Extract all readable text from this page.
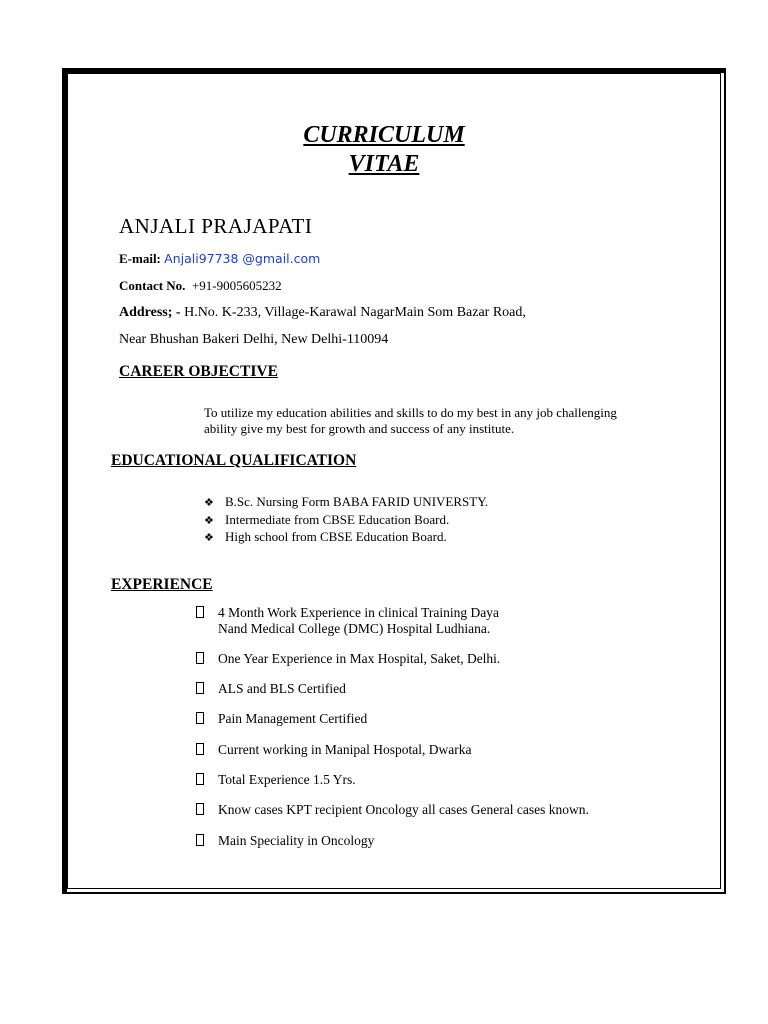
CURRICULUM
VITAE
ANJALI PRAJAPATI
E-mail: Anjali97738 @gmail.com
Contact No. +91-9005605232
Address; - H.No. K-233, Village-Karawal NagarMain Som Bazar Road,
Near Bhushan Bakeri Delhi, New Delhi-110094
CAREER OBJECTIVE
To utilize my education abilities and skills to do my best in any job challenging
ability give my best for growth and success of any institute.
EDUCATIONAL QUALIFICATION
❖ B.Sc. Nursing Form BABA FARID UNIVERSTY.
❖ Intermediate from CBSE Education Board.
❖ High school from CBSE Education Board.
EXPERIENCE
4 Month Work Experience in clinical Training Daya
Nand Medical College (DMC) Hospital Ludhiana.
One Year Experience in Max Hospital, Saket, Delhi.
ALS and BLS Certified
Pain Management Certified
Current working in Manipal Hospotal, Dwarka
Total Experience 1.5 Yrs.
Know cases KPT recipient Oncology all cases General cases known.
Main Speciality in Oncology
